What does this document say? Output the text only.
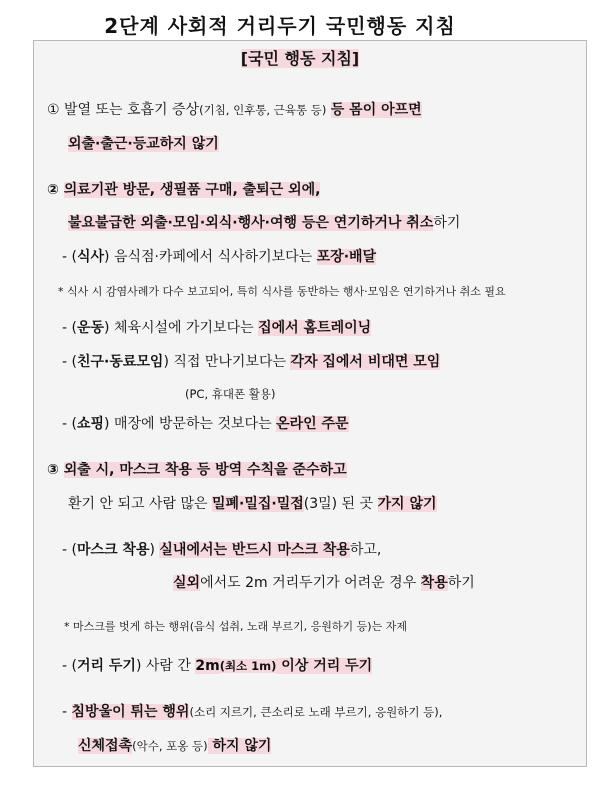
2단계 사회적 거리두기 국민행동 지침
[국민 행동 지침]
① 발열 또는 호흡기 증상(기침, 인후통, 근육통 등) 등 몸이 아프면
외출·출근·등교하지 않기
② 의료기관 방문, 생필품 구매, 출퇴근 외에,
불요불급한 외출·모임·외식·행사·여행 등은 연기하거나 취소하기
- (식사) 음식점·카페에서 식사하기보다는 포장·배달
* 식사 시 감염사례가 다수 보고되어, 특히 식사를 동반하는 행사·모임은 연기하거나 취소 필요
- (운동) 체육시설에 가기보다는 집에서 홈트레이닝
- (친구·동료모임) 직접 만나기보다는 각자 집에서 비대면 모임
(PC, 휴대폰 활용)
- (쇼핑) 매장에 방문하는 것보다는 온라인 주문
③ 외출 시, 마스크 착용 등 방역 수칙을 준수하고
환기 안 되고 사람 많은 밀폐·밀집·밀접(3밀) 된 곳 가지 않기
- (마스크 착용) 실내에서는 반드시 마스크 착용하고,
실외에서도 2m 거리두기가 어려운 경우 착용하기
* 마스크를 벗게 하는 행위(음식 섭취, 노래 부르기, 응원하기 등)는 자제
- (거리 두기) 사람 간 2m(최소 1m) 이상 거리 두기
- 침방울이 튀는 행위(소리 지르기, 큰소리로 노래 부르기, 응원하기 등),
신체접촉(악수, 포옹 등) 하지 않기
